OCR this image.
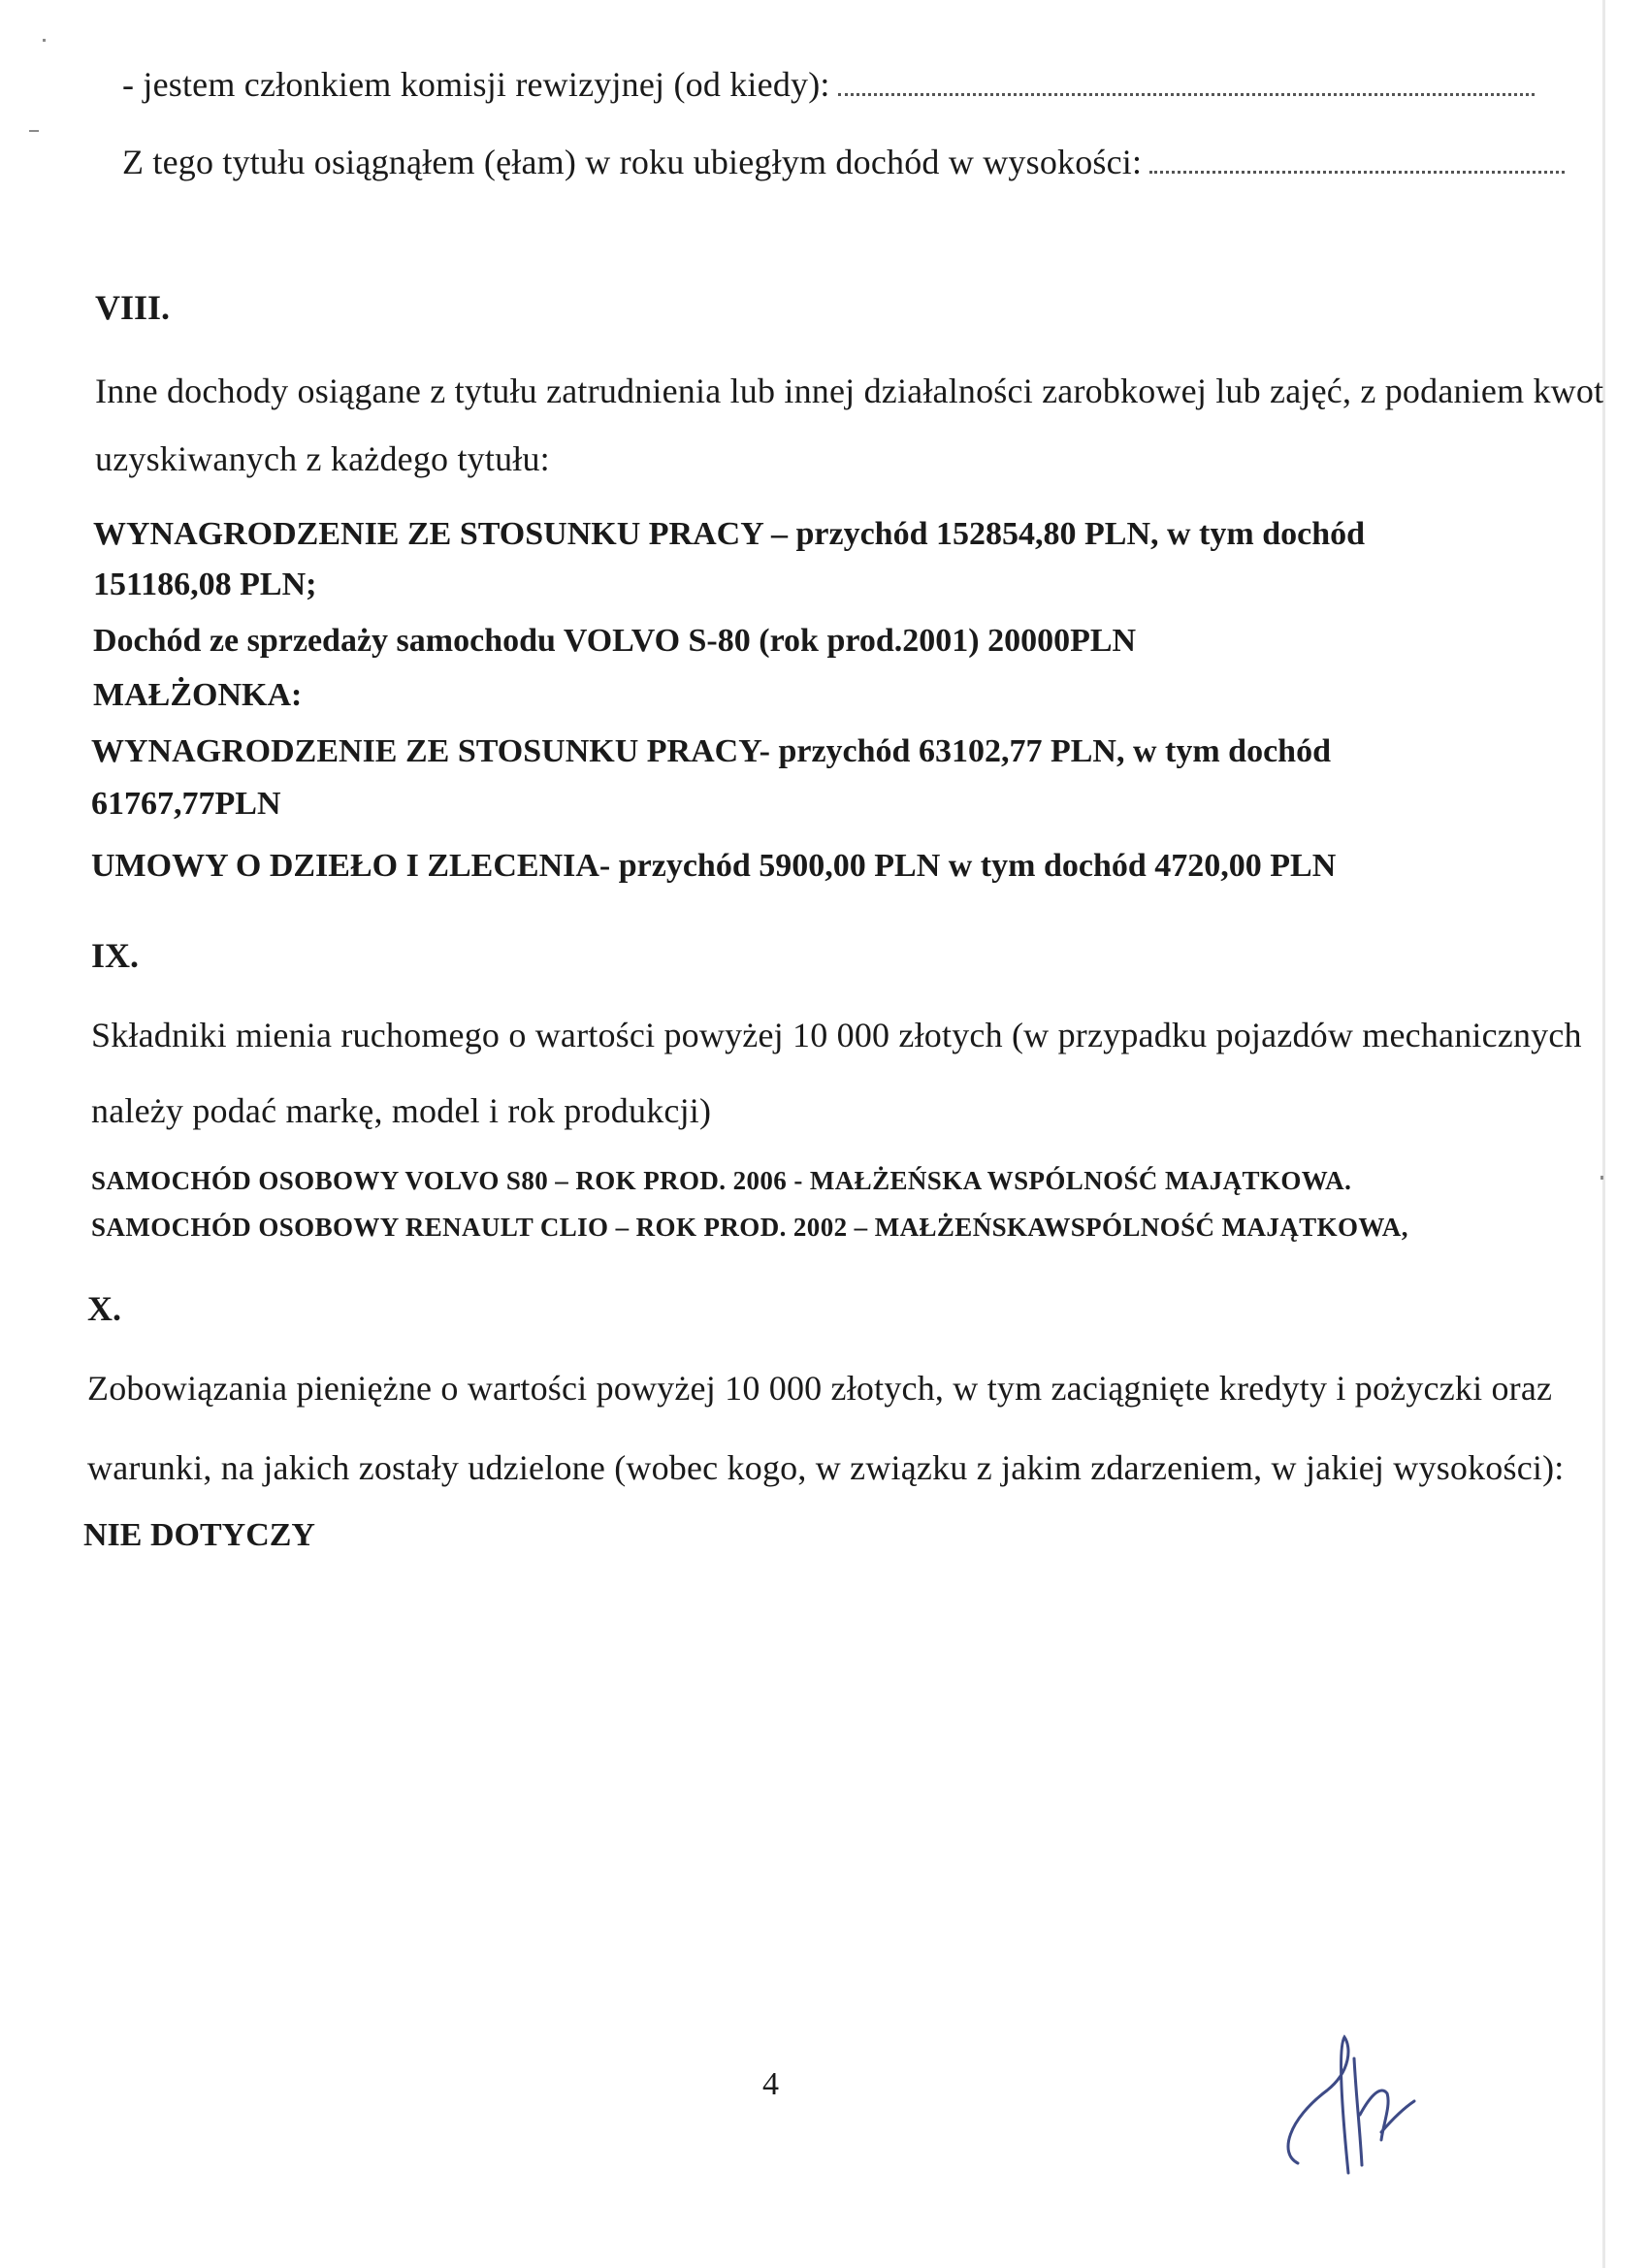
- jestem członkiem komisji rewizyjnej (od kiedy):
Z tego tytułu osiągnąłem (ęłam) w roku ubiegłym dochód w wysokości:
VIII.
Inne dochody osiągane z tytułu zatrudnienia lub innej działalności zarobkowej lub zajęć, z podaniem kwot
uzyskiwanych z każdego tytułu:
WYNAGRODZENIE ZE STOSUNKU PRACY – przychód 152854,80 PLN, w tym dochód
151186,08 PLN;
Dochód ze sprzedaży samochodu VOLVO S-80 (rok prod.2001) 20000PLN
MAŁŻONKA:
WYNAGRODZENIE ZE STOSUNKU PRACY- przychód 63102,77 PLN, w tym dochód
61767,77PLN
UMOWY O DZIEŁO I ZLECENIA- przychód 5900,00 PLN w tym dochód 4720,00 PLN
IX.
Składniki mienia ruchomego o wartości powyżej 10 000 złotych (w przypadku pojazdów mechanicznych
należy podać markę, model i rok produkcji)
SAMOCHÓD OSOBOWY VOLVO S80 – ROK PROD. 2006 - MAŁŻEŃSKA WSPÓLNOŚĆ MAJĄTKOWA.
SAMOCHÓD OSOBOWY RENAULT CLIO – ROK PROD. 2002 – MAŁŻEŃSKAWSPÓLNOŚĆ MAJĄTKOWA,
X.
Zobowiązania pieniężne o wartości powyżej 10 000 złotych, w tym zaciągnięte kredyty i pożyczki oraz
warunki, na jakich zostały udzielone (wobec kogo, w związku z jakim zdarzeniem, w jakiej wysokości):
NIE DOTYCZY
4
